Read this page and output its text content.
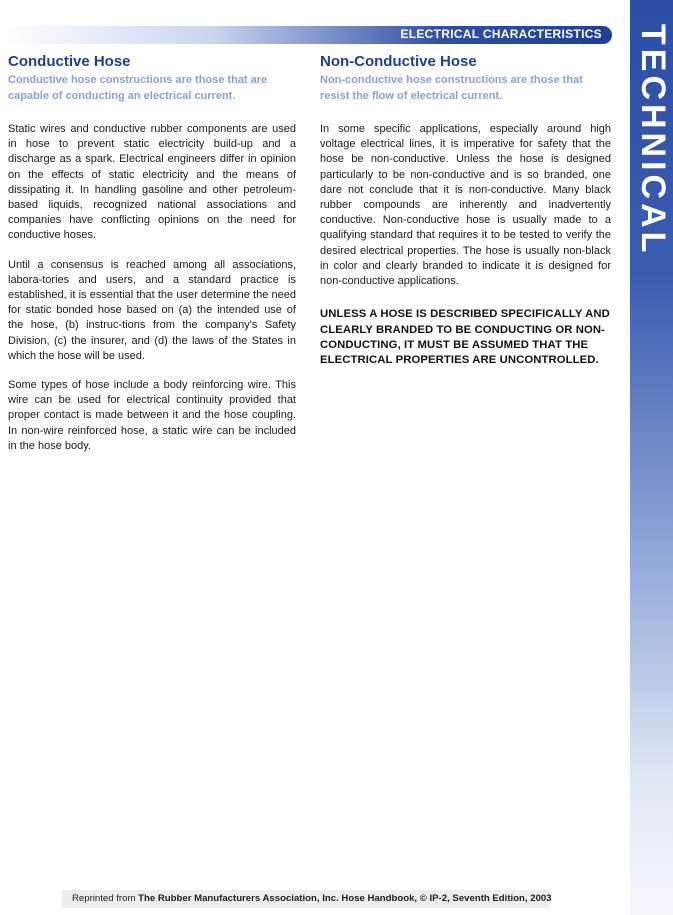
ELECTRICAL CHARACTERISTICS TECHNICAL
Conductive Hose

Conductive hose constructions are those that are capable of conducting an electrical current.

Static wires and conductive rubber components are used in hose to prevent static electricity build-up and a discharge as a spark. Electrical engineers differ in opinion on the effects of static electricity and the means of dissipating it. In handling gasoline and other petroleum-based liquids, recognized national associations and companies have conflicting opinions on the need for conductive hoses.

Until a consensus is reached among all associations, labora-tories and users, and a standard practice is established, it is essential that the user determine the need for static bonded hose based on (a) the intended use of the hose, (b) instruc-tions from the company's Safety Division, (c) the insurer, and (d) the laws of the States in which the hose will be used.

Some types of hose include a body reinforcing wire. This wire can be used for electrical continuity provided that proper contact is made between it and the hose coupling. In non-wire reinforced hose, a static wire can be included in the hose body.

Non-Conductive Hose

Non-conductive hose constructions are those that resist the flow of electrical current.

In some specific applications, especially around high voltage electrical lines, it is imperative for safety that the hose be non-conductive. Unless the hose is designed particularly to be non-conductive and is so branded, one dare not conclude that it is non-conductive. Many black rubber compounds are inherently and inadvertently conductive. Non-conductive hose is usually made to a qualifying standard that requires it to be tested to verify the desired electrical properties. The hose is usually non-black in color and clearly branded to indicate it is designed for non-conductive applications.

UNLESS A HOSE IS DESCRIBED SPECIFICALLY AND CLEARLY BRANDED TO BE CONDUCTING OR NON-CONDUCTING, IT MUST BE ASSUMED THAT THE ELECTRICAL PROPERTIES ARE UNCONTROLLED.

Reprinted from The Rubber Manufacturers Association, Inc. Hose Handbook, © IP-2, Seventh Edition, 2003
